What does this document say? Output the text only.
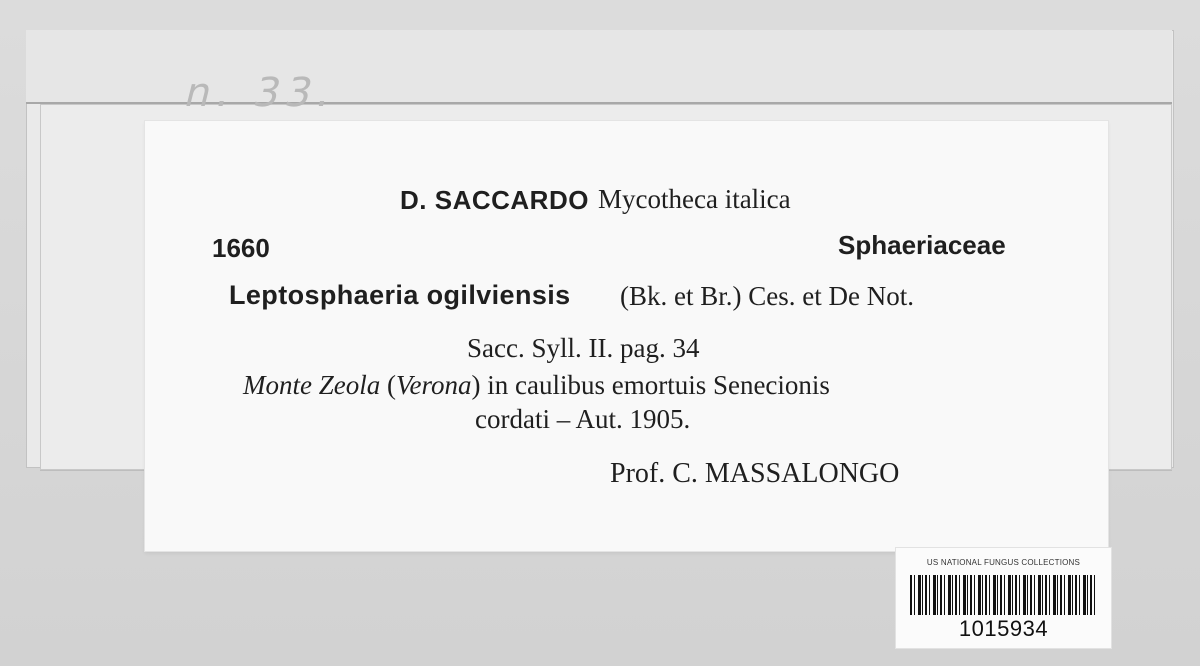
n. 33.
D. SACCARDO Mycotheca italica
1660	Sphaeriaceae
Leptosphaeria ogilviensis (Bk. et Br.) Ces. et De Not.
Sacc. Syll. II. pag. 34
Monte Zeola (Verona) in caulibus emortuis Senecionis
cordati – Aut. 1905.
Prof. C. MASSALONGO
US NATIONAL FUNGUS COLLECTIONS
1015934
